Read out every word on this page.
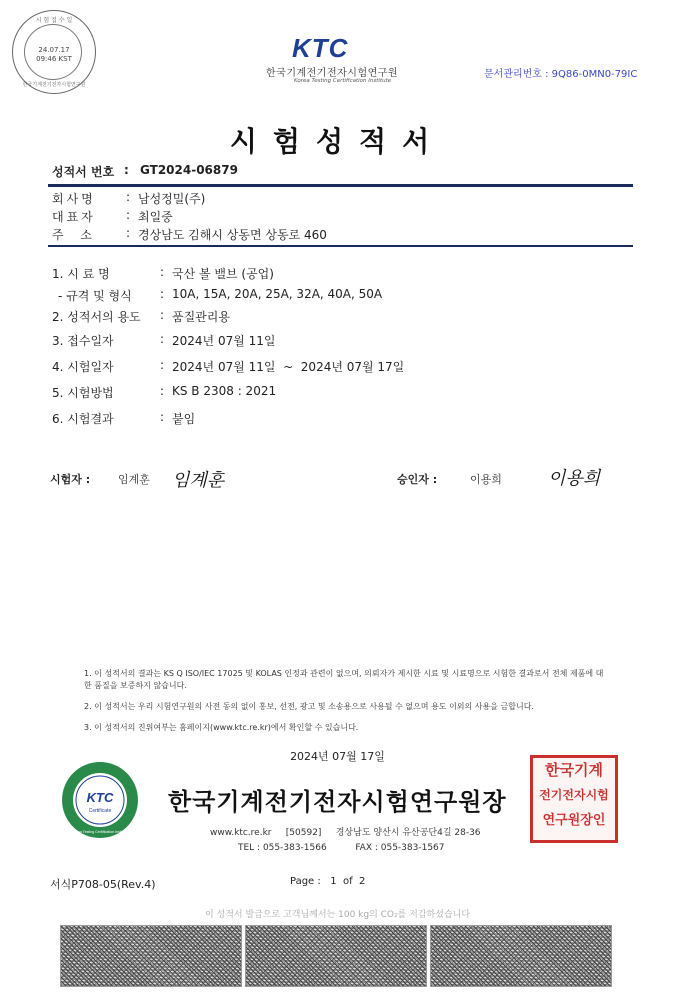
시 험 접 수 일
24.07.17
09:46 KST
한국기계전기전자시험연구원
KTC
한국기계전기전자시험연구원
Korea Testing Certification Institute
문서관리번호 : 9Q86-0MN0-79IC
시험성적서
성적서 번호 : GT2024-06879
회사명	: 남성정밀(주)
대표자	: 최일중
주  소	: 경상남도 김해시 상동면 상동로 460
1. 시 료 명	: 국산 볼 밸브 (공업)
- 규격 및 형식 : 10A, 15A, 20A, 25A, 32A, 40A, 50A
2. 성적서의 용도 : 품질관리용
3. 접수일자	: 2024년 07월 11일
4. 시험일자	: 2024년 07월 11일  ~  2024년 07월 17일
5. 시험방법	: KS B 2308 : 2021
6. 시험결과	: 붙임
시험자 :	임계훈 임계훈	승인자 :	이용희	이용희
1. 이 성적서의 결과는 KS Q ISO/IEC 17025 및 KOLAS 인정과 관련이 없으며, 의뢰자가 제시한 시료 및 시료명으로 시험한 결과로서 전체 제품에 대한 품질을 보증하지 않습니다.
2. 이 성적서는 우리 시험연구원의 사전 동의 없이 홍보, 선전, 광고 및 소송용으로 사용될 수 없으며 용도 이외의 사용을 금합니다.
3. 이 성적서의 진위여부는 홈페이지(www.ktc.re.kr)에서 확인할 수 있습니다.
2024년 07월 17일
KTC
Certificate
Korea Testing Certification Institute
한국기계전기전자시험연구원장
한국기계
전기전자시험
연구원장인
www.ktc.re.kr     [50592]     경상남도 양산시 유산공단4길 28-36
TEL : 055-383-1566          FAX : 055-383-1567
서식P708-05(Rev.4)	Page :   1  of  2
이 성적서 발급으로 고객님께서는 100 kg의 CO₂를 저감하셨습니다
